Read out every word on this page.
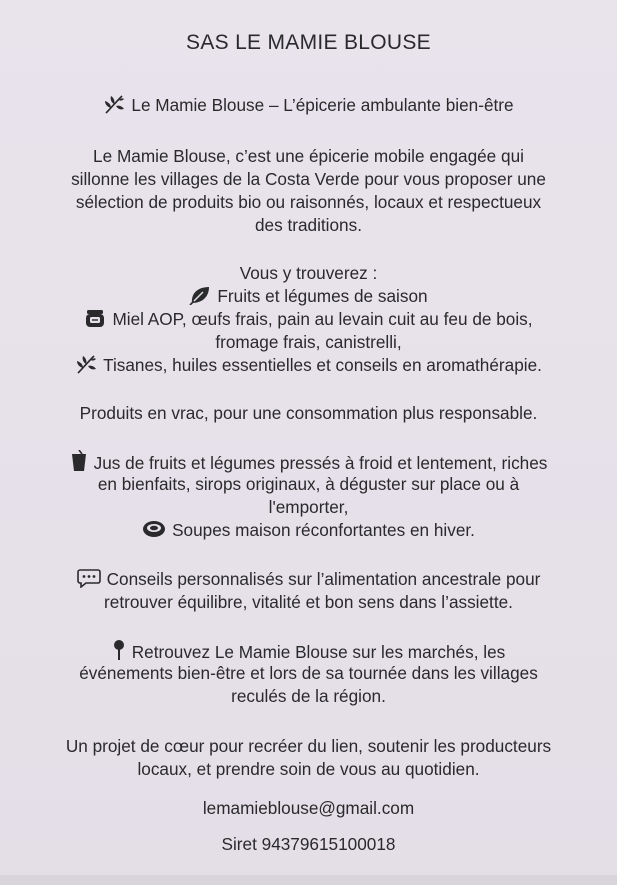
SAS LE MAMIE BLOUSE
Le Mamie Blouse – L’épicerie ambulante bien-être
Le Mamie Blouse, c’est une épicerie mobile engagée qui
sillonne les villages de la Costa Verde pour vous proposer une
sélection de produits bio ou raisonnés, locaux et respectueux
des traditions.
Vous y trouverez :
Fruits et légumes de saison
Miel AOP, œufs frais, pain au levain cuit au feu de bois,
fromage frais, canistrelli,
Tisanes, huiles essentielles et conseils en aromathérapie.
Produits en vrac, pour une consommation plus responsable.
Jus de fruits et légumes pressés à froid et lentement, riches
en bienfaits, sirops originaux, à déguster sur place ou à
l'emporter,
Soupes maison réconfortantes en hiver.
Conseils personnalisés sur l’alimentation ancestrale pour
retrouver équilibre, vitalité et bon sens dans l’assiette.
Retrouvez Le Mamie Blouse sur les marchés, les
événements bien-être et lors de sa tournée dans les villages
reculés de la région.
Un projet de cœur pour recréer du lien, soutenir les producteurs
locaux, et prendre soin de vous au quotidien.
lemamieblouse@gmail.com
Siret 94379615100018
